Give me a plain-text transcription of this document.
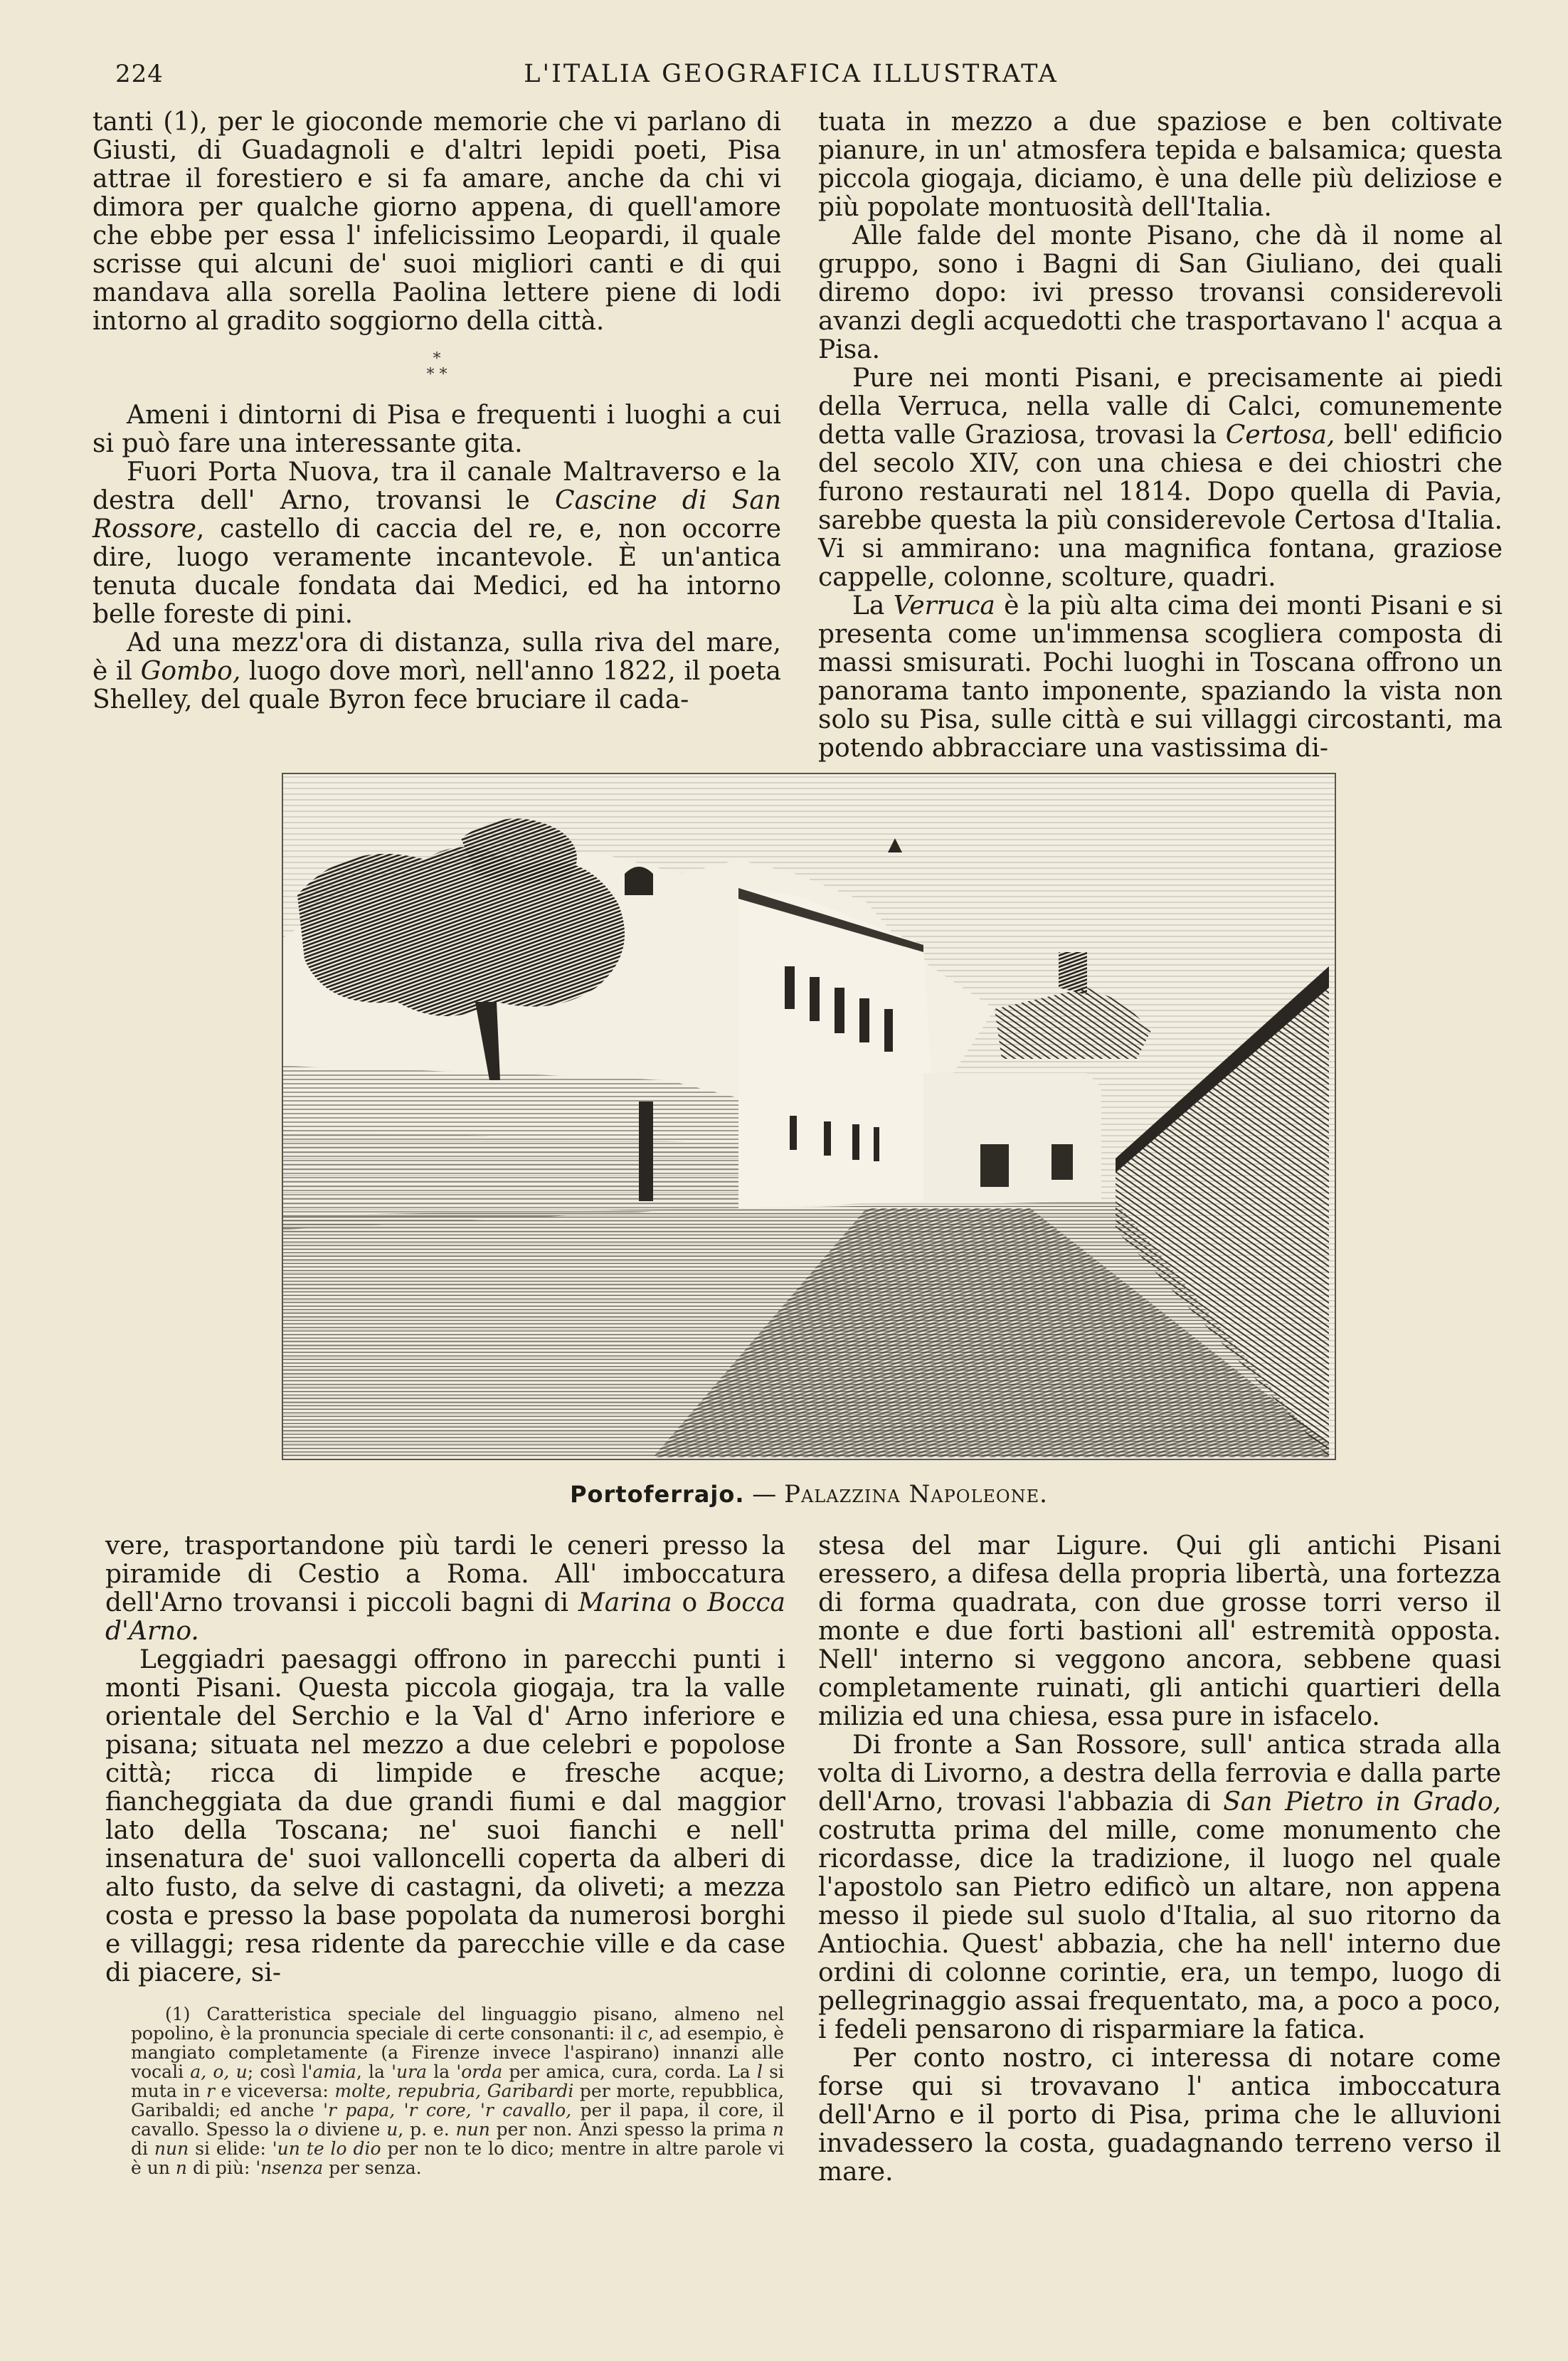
224	L'ITALIA GEOGRAFICA ILLUSTRATA

tanti (1), per le gioconde memorie che vi parlano di Giusti, di Guadagnoli e d'altri lepidi poeti, Pisa attrae il forestiero e si fa amare, anche da chi vi dimora per qualche giorno appena, di quell'amore che ebbe per essa l' infelicissimo Leopardi, il quale scrisse qui alcuni de' suoi migliori canti e di qui mandava alla sorella Paolina lettere piene di lodi intorno al gradito soggiorno della città.

*
* *

Ameni i dintorni di Pisa e frequenti i luoghi a cui si può fare una interessante gita.

Fuori Porta Nuova, tra il canale Maltraverso e la destra dell' Arno, trovansi le Cascine di San Rossore, castello di caccia del re, e, non occorre dire, luogo veramente incantevole. È un'antica tenuta ducale fondata dai Medici, ed ha intorno belle foreste di pini.

Ad una mezz'ora di distanza, sulla riva del mare, è il Gombo, luogo dove morì, nell'anno 1822, il poeta Shelley, del quale Byron fece bruciare il cada-

tuata in mezzo a due spaziose e ben coltivate pianure, in un' atmosfera tepida e balsamica; questa piccola giogaja, diciamo, è una delle più deliziose e più popolate montuosità dell'Italia.

Alle falde del monte Pisano, che dà il nome al gruppo, sono i Bagni di San Giuliano, dei quali diremo dopo: ivi presso trovansi considerevoli avanzi degli acquedotti che trasportavano l' acqua a Pisa.

Pure nei monti Pisani, e precisamente ai piedi della Verruca, nella valle di Calci, comunemente detta valle Graziosa, trovasi la Certosa, bell' edificio del secolo XIV, con una chiesa e dei chiostri che furono restaurati nel 1814. Dopo quella di Pavia, sarebbe questa la più considerevole Certosa d'Italia. Vi si ammirano: una magnifica fontana, graziose cappelle, colonne, scolture, quadri.

La Verruca è la più alta cima dei monti Pisani e si presenta come un'immensa scogliera composta di massi smisurati. Pochi luoghi in Toscana offrono un panorama tanto imponente, spaziando la vista non solo su Pisa, sulle città e sui villaggi circostanti, ma potendo abbracciare una vastissima di-

Portoferrajo. — Palazzina Napoleone.

vere, trasportandone più tardi le ceneri presso la piramide di Cestio a Roma. All' imboccatura dell'Arno trovansi i piccoli bagni di Marina o Bocca d'Arno.

Leggiadri paesaggi offrono in parecchi punti i monti Pisani. Questa piccola giogaja, tra la valle orientale del Serchio e la Val d' Arno inferiore e pisana; situata nel mezzo a due celebri e popolose città; ricca di limpide e fresche acque; fiancheggiata da due grandi fiumi e dal maggior lato della Toscana; ne' suoi fianchi e nell' insenatura de' suoi valloncelli coperta da alberi di alto fusto, da selve di castagni, da oliveti; a mezza costa e presso la base popolata da numerosi borghi e villaggi; resa ridente da parecchie ville e da case di piacere, si-

stesa del mar Ligure. Qui gli antichi Pisani eressero, a difesa della propria libertà, una fortezza di forma quadrata, con due grosse torri verso il monte e due forti bastioni all' estremità opposta. Nell' interno si veggono ancora, sebbene quasi completamente ruinati, gli antichi quartieri della milizia ed una chiesa, essa pure in isfacelo.

Di fronte a San Rossore, sull' antica strada alla volta di Livorno, a destra della ferrovia e dalla parte dell'Arno, trovasi l'abbazia di San Pietro in Grado, costrutta prima del mille, come monumento che ricordasse, dice la tradizione, il luogo nel quale l'apostolo san Pietro edificò un altare, non appena messo il piede sul suolo d'Italia, al suo ritorno da Antiochia. Quest' abbazia, che ha nell' interno due ordini di colonne corintie, era, un tempo, luogo di pellegrinaggio assai frequentato, ma, a poco a poco, i fedeli pensarono di risparmiare la fatica.

Per conto nostro, ci interessa di notare come forse qui si trovavano l' antica imboccatura dell'Arno e il porto di Pisa, prima che le alluvioni invadessero la costa, guadagnando terreno verso il mare.

(1) Caratteristica speciale del linguaggio pisano, almeno nel popolino, è la pronuncia speciale di certe consonanti: il c, ad esempio, è mangiato completamente (a Firenze invece l'aspirano) innanzi alle vocali a, o, u; così l'amia, la 'ura la 'orda per amica, cura, corda. La l si muta in r e viceversa: molte, repubria, Garibardi per morte, repubblica, Garibaldi; ed anche 'r papa, 'r core, 'r cavallo, per il papa, il core, il cavallo. Spesso la o diviene u, p. e. nun per non. Anzi spesso la prima n di nun si elide: 'un te lo dio per non te lo dico; mentre in altre parole vi è un n di più: 'nsenza per senza.
